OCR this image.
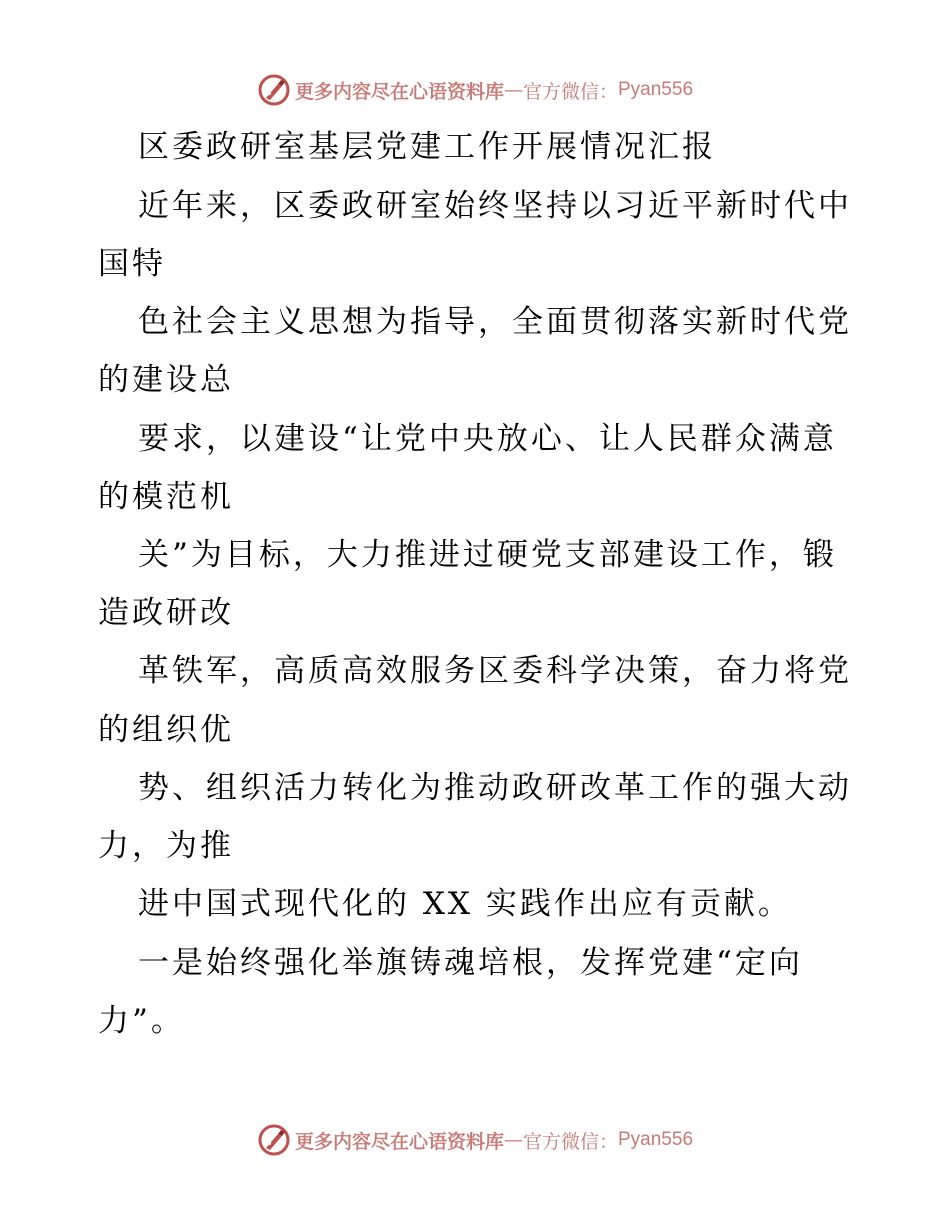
更多内容尽在心语资料库 — 官方微信： Pyan556
区委政研室基层党建工作开展情况汇报
近年来，区委政研室始终坚持以习近平新时代中
国特
色社会主义思想为指导，全面贯彻落实新时代党
的建设总
要求，以建设“让党中央放心、让人民群众满意
的模范机
关”为目标，大力推进过硬党支部建设工作，锻
造政研改
革铁军，高质高效服务区委科学决策，奋力将党
的组织优
势、组织活力转化为推动政研改革工作的强大动
力，为推
进中国式现代化的 XX 实践作出应有贡献。
一是始终强化举旗铸魂培根，发挥党建“定向
力”。
更多内容尽在心语资料库 — 官方微信： Pyan556
